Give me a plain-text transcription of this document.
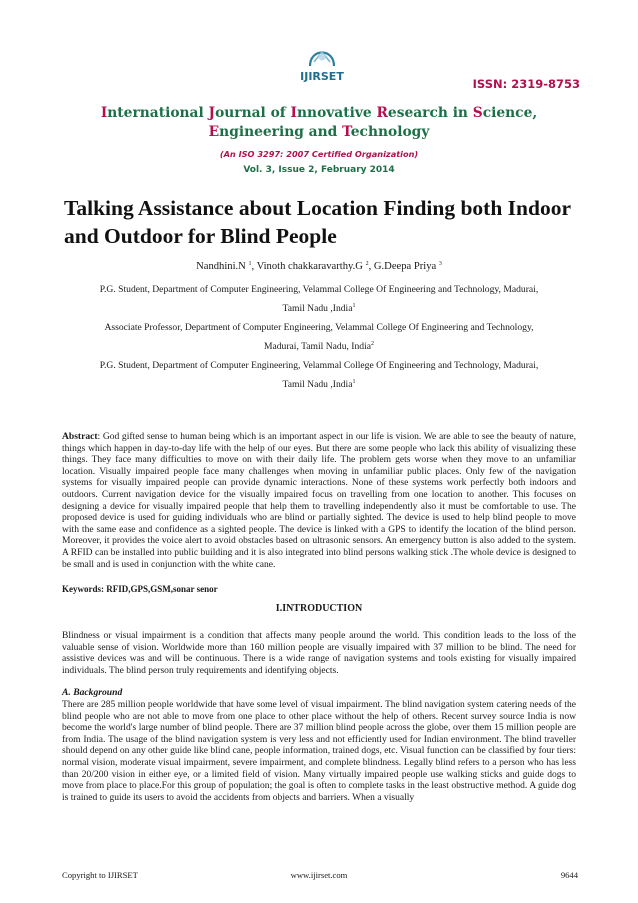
IJIRSET
ISSN: 2319-8753
International Journal of Innovative Research in Science,
Engineering and Technology
(An ISO 3297: 2007 Certified Organization)
Vol. 3, Issue 2, February 2014
Talking Assistance about Location Finding both Indoor and Outdoor for Blind People
Nandhini.N $^1$, Vinoth chakkaravarthy.G $^2$, G.Deepa Priya $^3$
P.G. Student, Department of Computer Engineering, Velammal College Of Engineering and Technology, Madurai,
Tamil Nadu ,India$^1$
Associate Professor, Department of Computer Engineering, Velammal College Of Engineering and Technology,
Madurai, Tamil Nadu, India$^2$
P.G. Student, Department of Computer Engineering, Velammal College Of Engineering and Technology, Madurai,
Tamil Nadu ,India$^1$
Abstract: God gifted sense to human being which is an important aspect in our life is vision. We are able to see the beauty of nature, things which happen in day-to-day life with the help of our eyes. But there are some people who lack this ability of visualizing these things. They face many difficulties to move on with their daily life. The problem gets worse when they move to an unfamiliar location. Visually impaired people face many challenges when moving in unfamiliar public places. Only few of the navigation systems for visually impaired people can provide dynamic interactions. None of these systems work perfectly both indoors and outdoors. Current navigation device for the visually impaired focus on travelling from one location to another. This focuses on designing a device for visually impaired people that help them to travelling independently also it must be comfortable to use. The proposed device is used for guiding individuals who are blind or partially sighted. The device is used to help blind people to move with the same ease and confidence as a sighted people. The device is linked with a GPS to identify the location of the blind person. Moreover, it provides the voice alert to avoid obstacles based on ultrasonic sensors. An emergency button is also added to the system. A RFID can be installed into public building and it is also integrated into blind persons walking stick .The whole device is designed to be small and is used in conjunction with the white cane.
Keywords: RFID,GPS,GSM,sonar senor
I.INTRODUCTION
Blindness or visual impairment is a condition that affects many people around the world. This condition leads to the loss of the valuable sense of vision. Worldwide more than 160 million people are visually impaired with 37 million to be blind. The need for assistive devices was and will be continuous. There is a wide range of navigation systems and tools existing for visually impaired individuals. The blind person truly requirements and identifying objects.
A. Background
There are 285 million people worldwide that have some level of visual impairment. The blind navigation system catering needs of the blind people who are not able to move from one place to other place without the help of others. Recent survey source India is now become the world's large number of blind people. There are 37 million blind people across the globe, over them 15 million people are from India. The usage of the blind navigation system is very less and not efficiently used for Indian environment. The blind traveller should depend on any other guide like blind cane, people information, trained dogs, etc. Visual function can be classified by four tiers: normal vision, moderate visual impairment, severe impairment, and complete blindness. Legally blind refers to a person who has less than 20/200 vision in either eye, or a limited field of vision. Many virtually impaired people use walking sticks and guide dogs to move from place to place.For this group of population; the goal is often to complete tasks in the least obstructive method. A guide dog is trained to guide its users to avoid the accidents from objects and barriers. When a visually
Copyright to IJIRSET	www.ijirset.com	9644
